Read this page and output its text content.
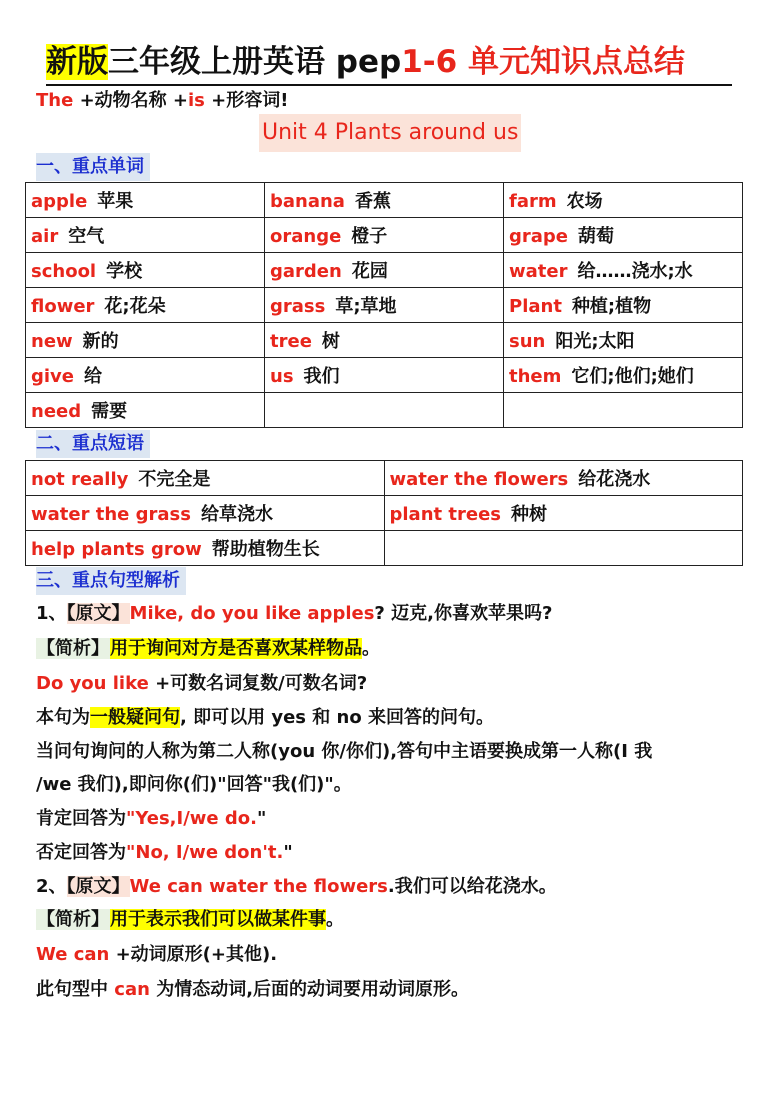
新版三年级上册英语 pep1-6 单元知识点总结
The +动物名称 +is +形容词!
Unit 4 Plants around us
一、重点单词
apple 苹果	banana 香蕉	farm 农场
air 空气	orange 橙子	grape 葫萄
school 学校	garden 花园	water 给……浇水;水
flower 花;花朵	grass 草;草地	Plant 种植;植物
new 新的	tree 树	sun 阳光;太阳
give 给	us 我们	them 它们;他们;她们
need 需要		
二、重点短语
not really 不完全是	water the flowers 给花浇水
water the grass 给草浇水	plant trees 种树
help plants grow 帮助植物生长	
三、重点句型解析
1、【原文】Mike, do you like apples? 迈克,你喜欢苹果吗?
【简析】用于询问对方是否喜欢某样物品。
Do you like +可数名词复数/可数名词?
本句为一般疑问句, 即可以用 yes 和 no 来回答的问句。
当问句询问的人称为第二人称(you 你/你们),答句中主语要换成第一人称(I 我
/we 我们),即问你(们)"回答"我(们)"。
肯定回答为"Yes,I/we do."
否定回答为"No, I/we don't."
2、【原文】We can water the flowers.我们可以给花浇水。
【简析】用于表示我们可以做某件事。
We can +动词原形(+其他).
此句型中 can 为情态动词,后面的动词要用动词原形。
